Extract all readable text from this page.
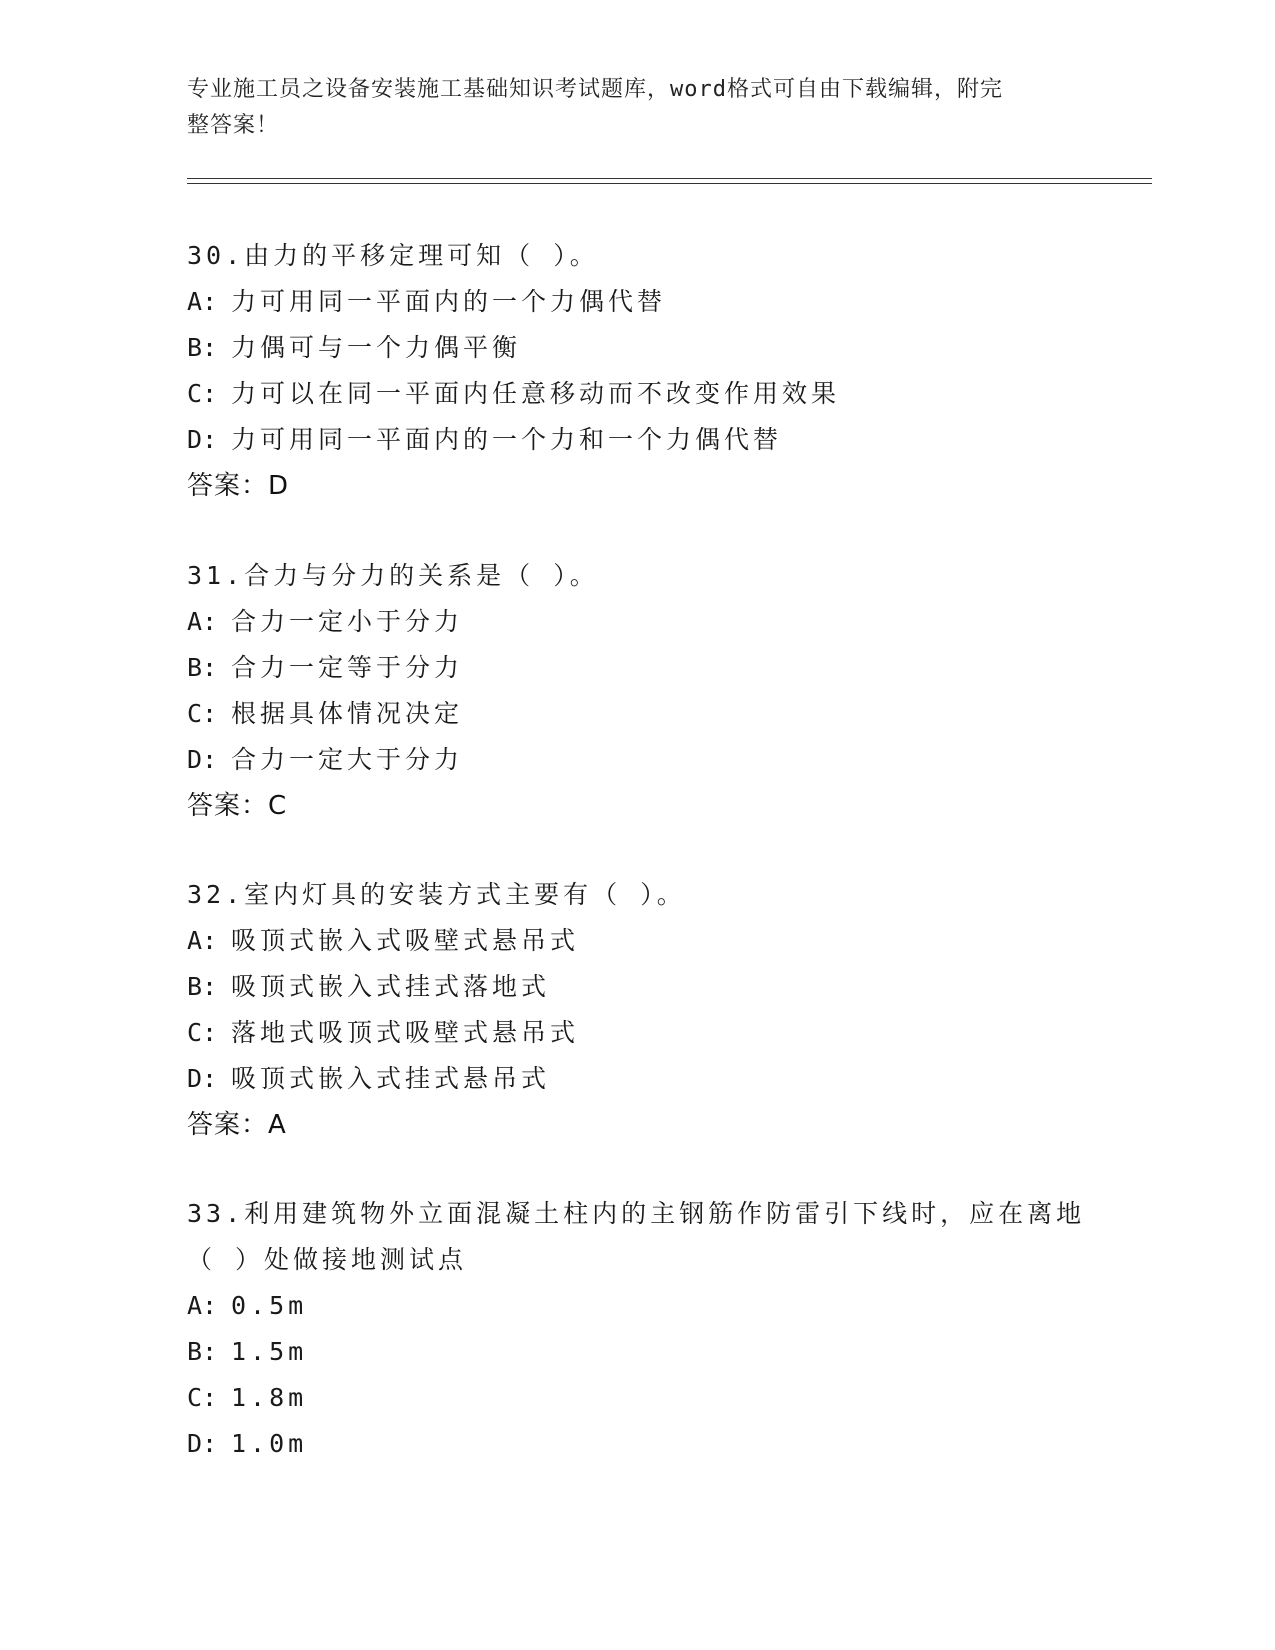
专业施工员之设备安装施工基础知识考试题库，word格式可自由下载编辑，附完
整答案！
30.由力的平移定理可知（ ）。
A: 力可用同一平面内的一个力偶代替
B: 力偶可与一个力偶平衡
C: 力可以在同一平面内任意移动而不改变作用效果
D: 力可用同一平面内的一个力和一个力偶代替
答案：D
31.合力与分力的关系是（ ）。
A: 合力一定小于分力
B: 合力一定等于分力
C: 根据具体情况决定
D: 合力一定大于分力
答案：C
32.室内灯具的安装方式主要有（ ）。
A: 吸顶式嵌入式吸壁式悬吊式
B: 吸顶式嵌入式挂式落地式
C: 落地式吸顶式吸壁式悬吊式
D: 吸顶式嵌入式挂式悬吊式
答案：A
33.利用建筑物外立面混凝土柱内的主钢筋作防雷引下线时，应在离地
（ ）处做接地测试点
A: 0.5m
B: 1.5m
C: 1.8m
D: 1.0m
